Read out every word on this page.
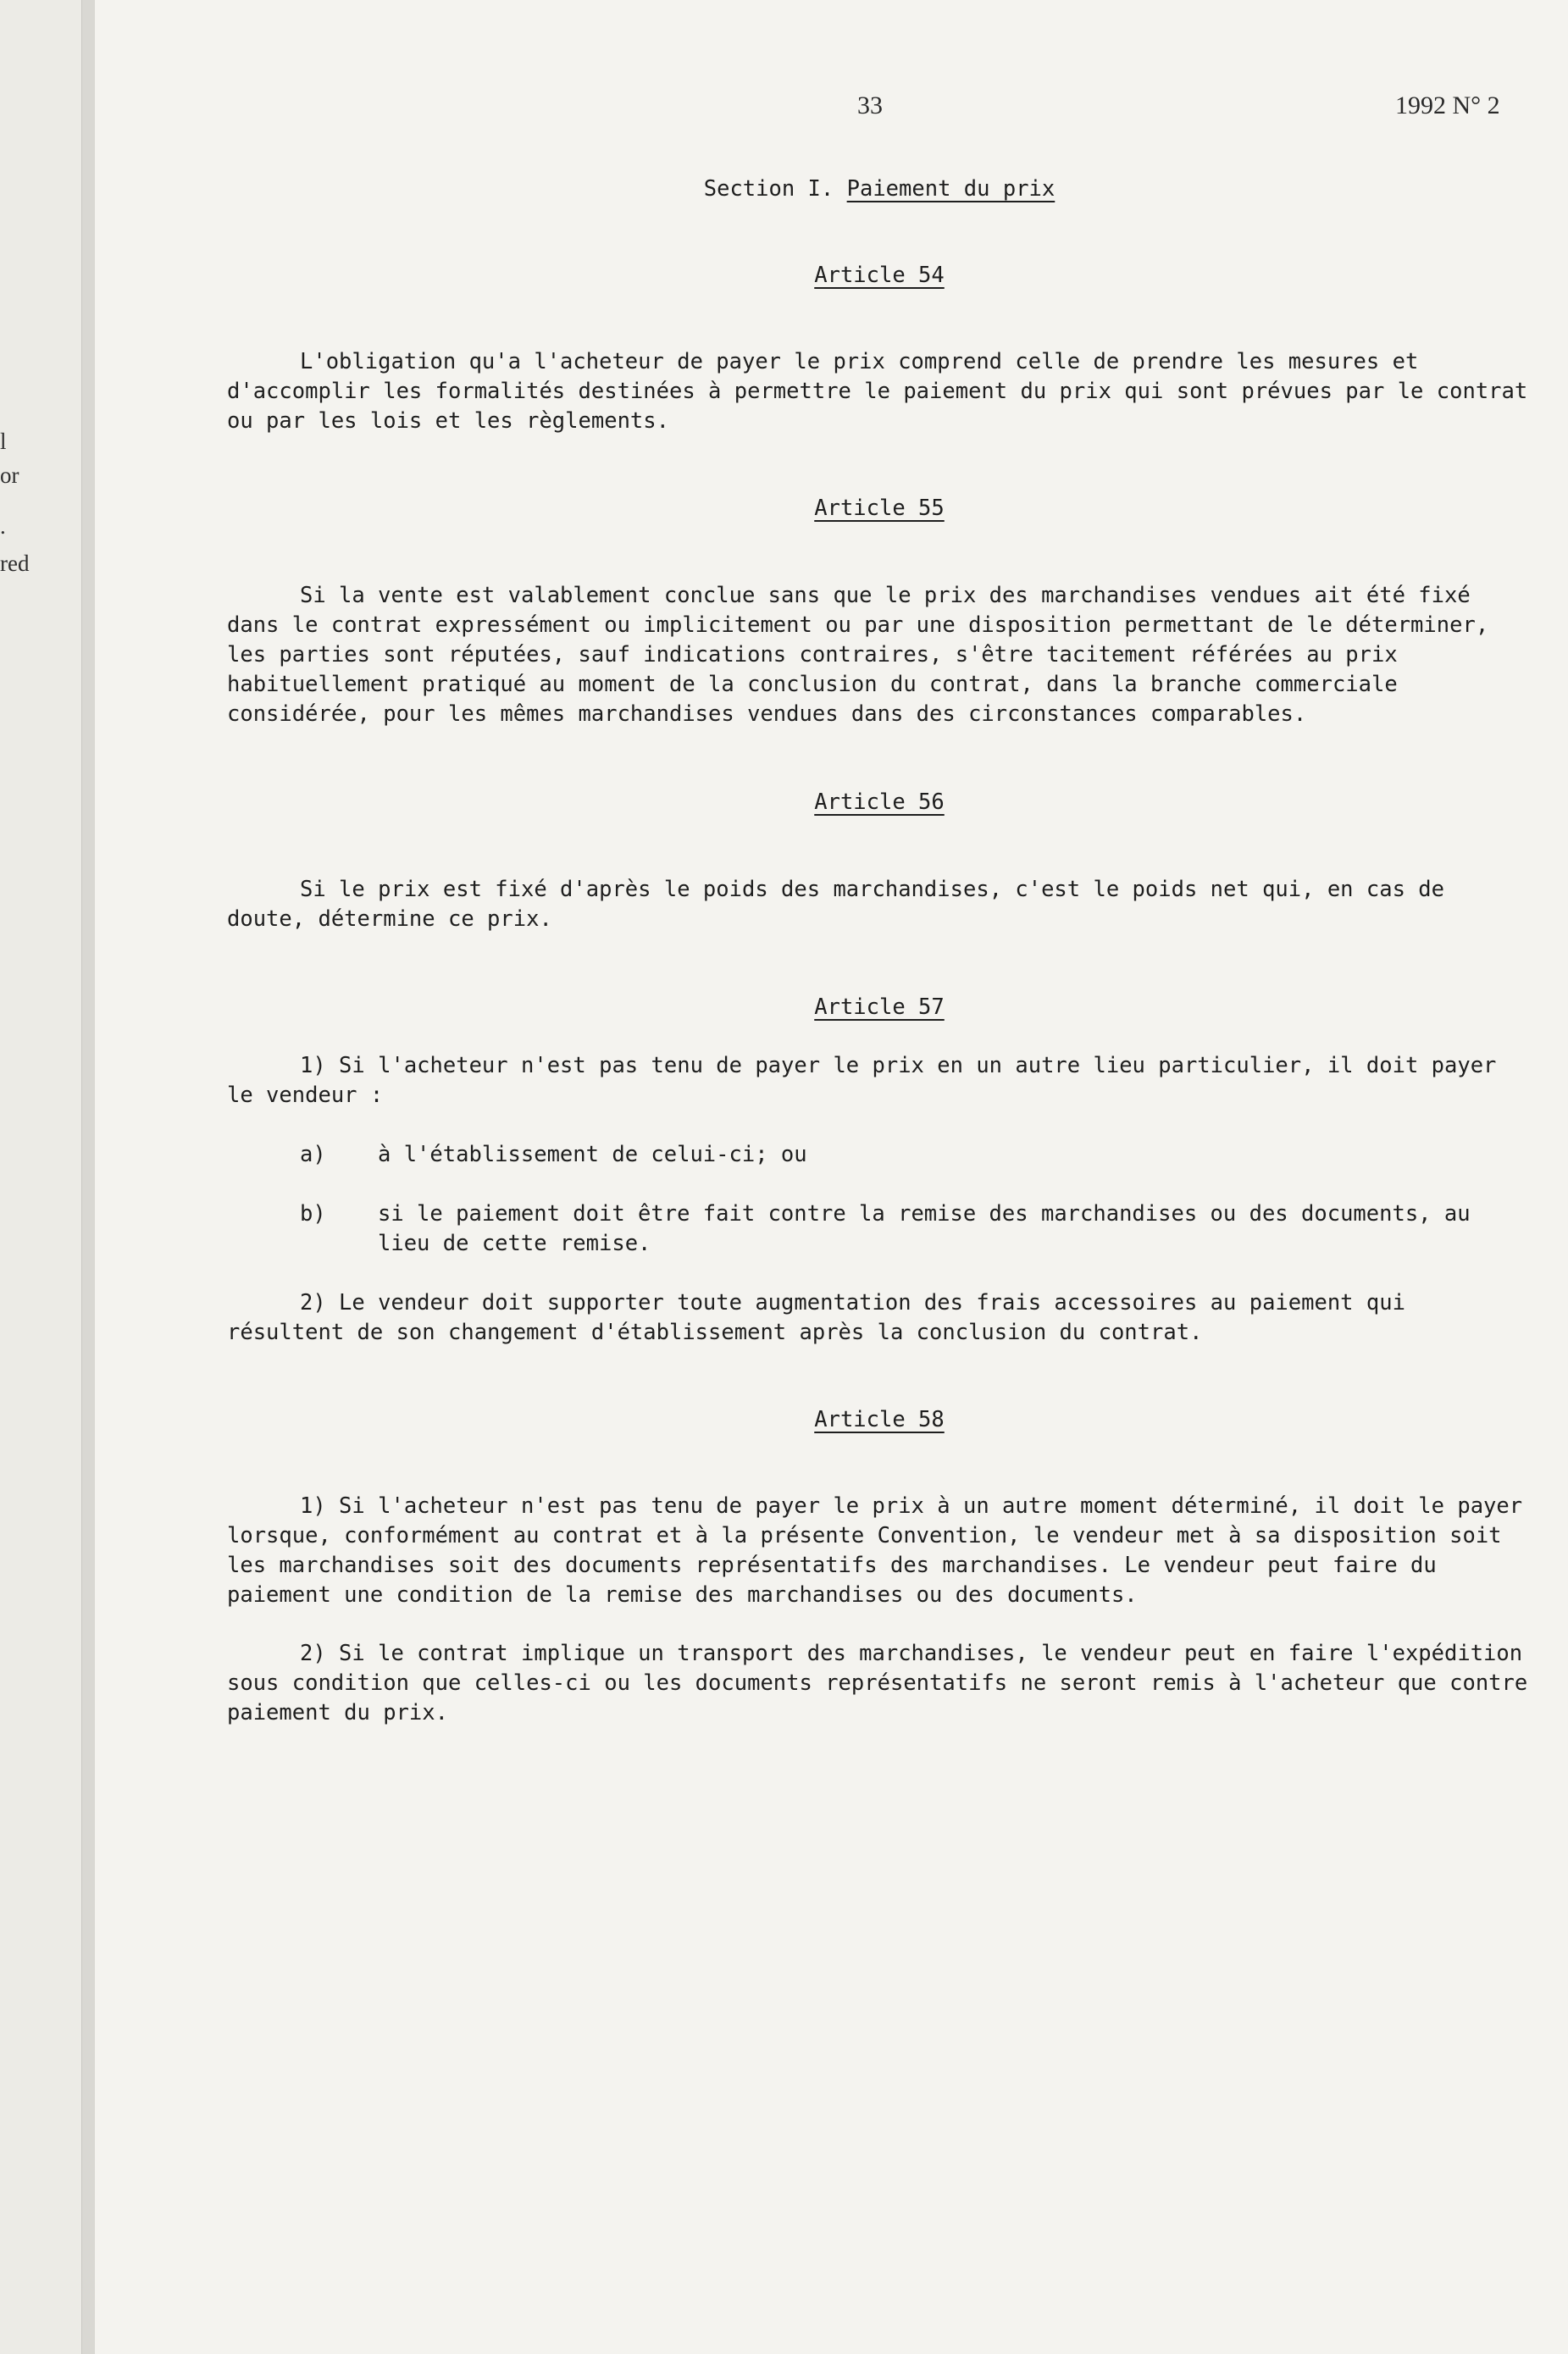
l
or
.
red
33	1992 N° 2
Section I. Paiement du prix
Article 54

L'obligation qu'a l'acheteur de payer le prix comprend celle de prendre les mesures et d'accomplir les formalités destinées à permettre le paiement du prix qui sont prévues par le contrat ou par les lois et les règlements.

Article 55

Si la vente est valablement conclue sans que le prix des marchandises vendues ait été fixé dans le contrat expressément ou implicitement ou par une disposition permettant de le déterminer, les parties sont réputées, sauf indications contraires, s'être tacitement référées au prix habituellement pratiqué au moment de la conclusion du contrat, dans la branche commerciale considérée, pour les mêmes marchandises vendues dans des circonstances comparables.

Article 56

Si le prix est fixé d'après le poids des marchandises, c'est le poids net qui, en cas de doute, détermine ce prix.

Article 57

1) Si l'acheteur n'est pas tenu de payer le prix en un autre lieu particulier, il doit payer le vendeur :

a) à l'établissement de celui-ci; ou

b) si le paiement doit être fait contre la remise des marchandises ou des documents, au lieu de cette remise.

2) Le vendeur doit supporter toute augmentation des frais accessoires au paiement qui résultent de son changement d'établissement après la conclusion du contrat.

Article 58

1) Si l'acheteur n'est pas tenu de payer le prix à un autre moment déterminé, il doit le payer lorsque, conformément au contrat et à la présente Convention, le vendeur met à sa disposition soit les marchandises soit des documents représentatifs des marchandises. Le vendeur peut faire du paiement une condition de la remise des marchandises ou des documents.

2) Si le contrat implique un transport des marchandises, le vendeur peut en faire l'expédition sous condition que celles-ci ou les documents représentatifs ne seront remis à l'acheteur que contre paiement du prix.
